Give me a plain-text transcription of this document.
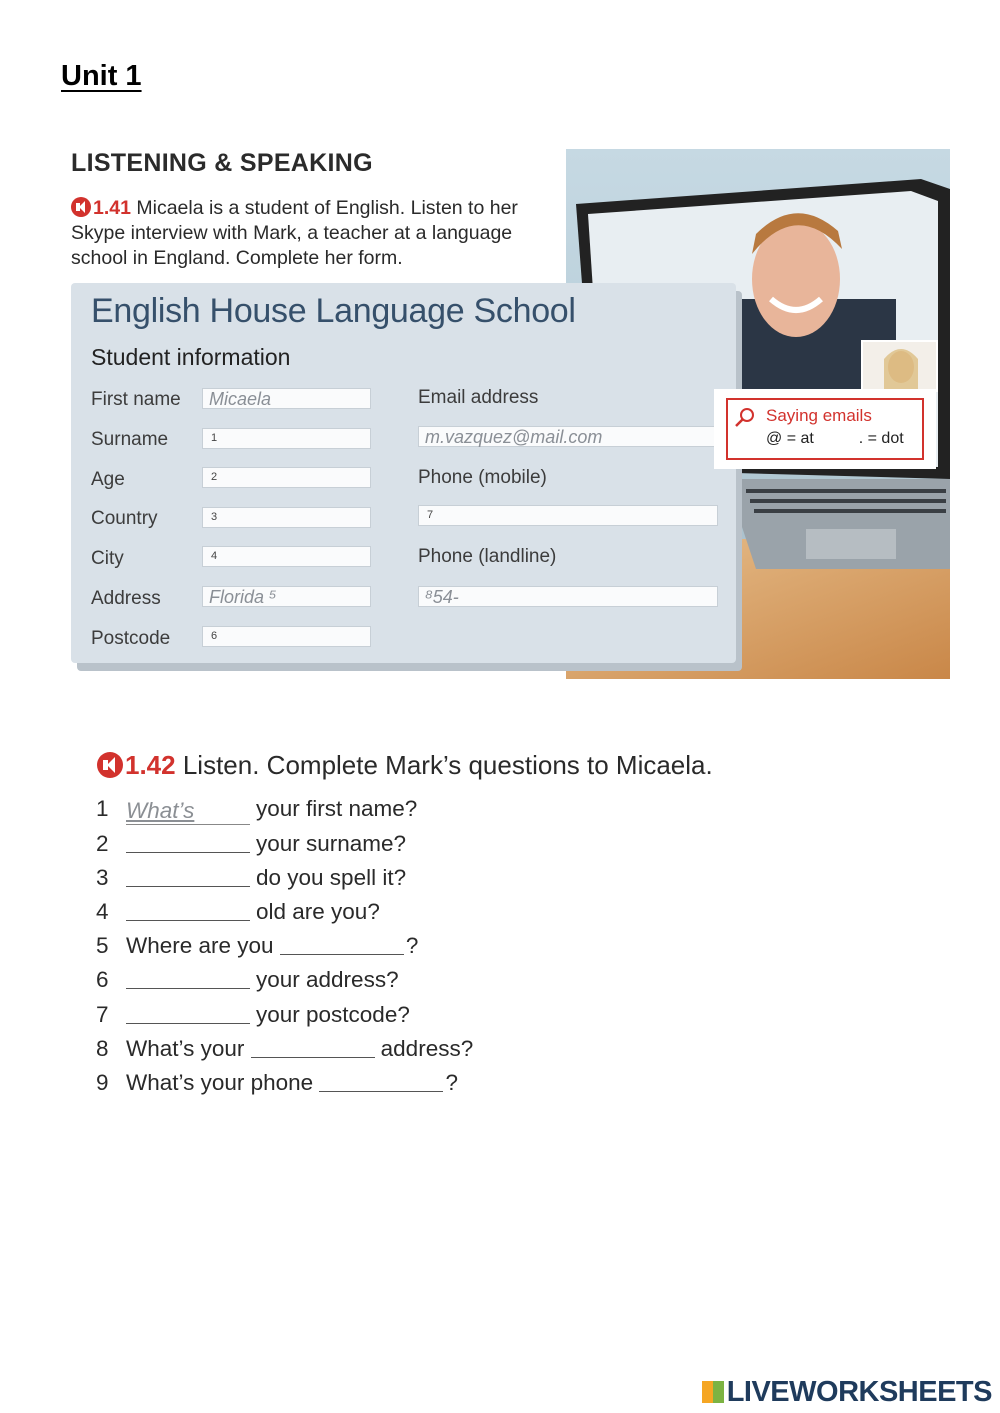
Unit 1
LISTENING & SPEAKING
1.41 Micaela is a student of English. Listen to her Skype interview with Mark, a teacher at a language school in England. Complete her form.
English House Language School
Student information
First name	Micaela
Surname	1
Age	2
Country	3
City	4
Address	Florida ⁵
Postcode	6
Email address
m.vazquez@mail.com
Phone (mobile)
7
Phone (landline)
⁸54-
Saying emails
@ = at	. = dot
1.42 Listen. Complete Mark’s questions to Micaela.
1 What’s	your first name?
2	your surname?
3	do you spell it?
4	old are you?
5 Where are you	?
6	your address?
7	your postcode?
8 What’s your	address?
9 What’s your phone	?
LIVEWORKSHEETS
